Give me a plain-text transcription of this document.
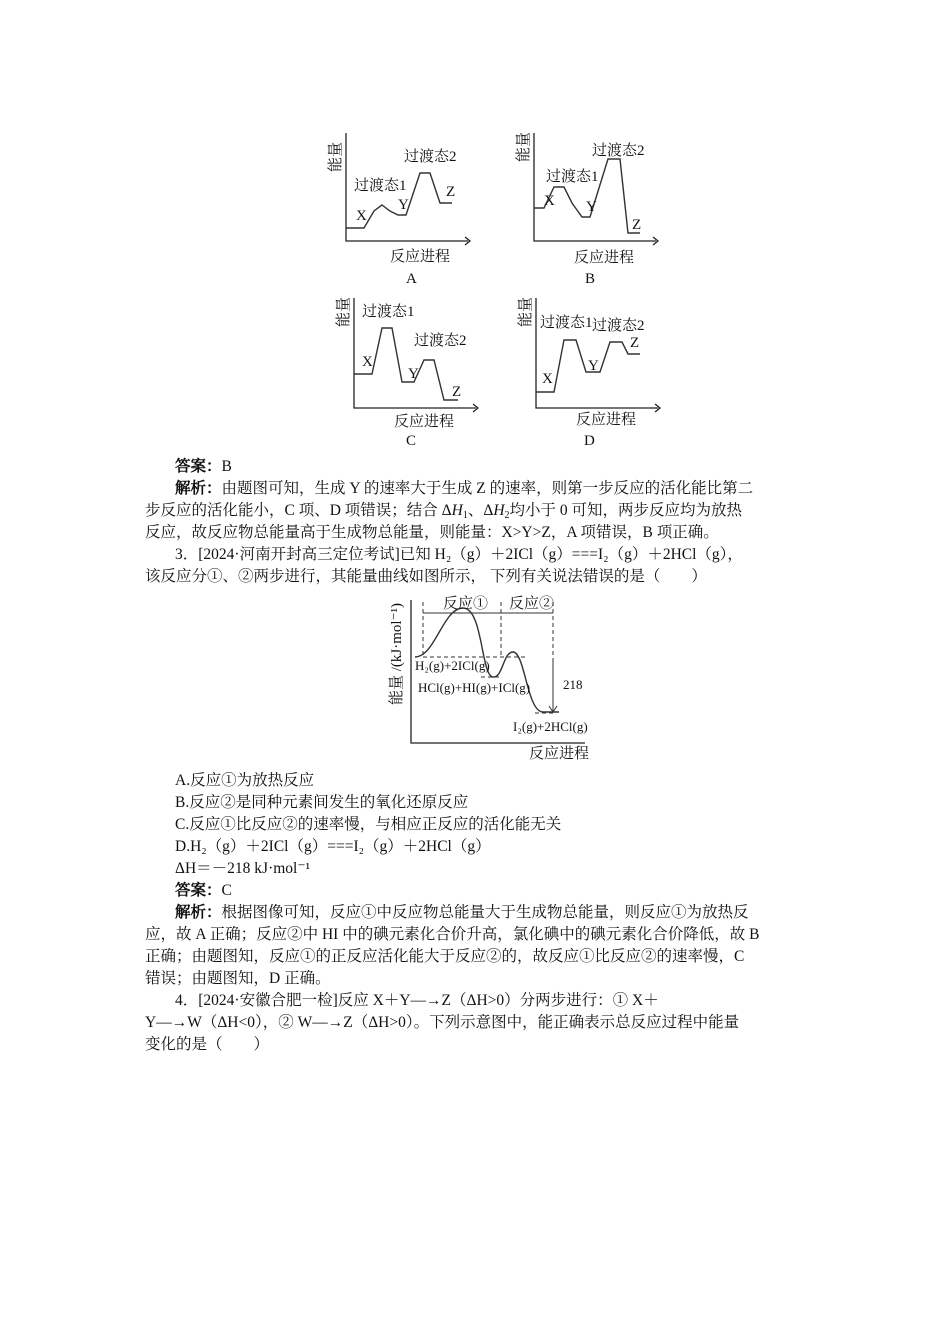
能量
X
过渡态1
Y
过渡态2
Z
反应进程
A
能量
X
过渡态1
Y
过渡态2
Z
反应进程
B
能量
X
过渡态1
Y
过渡态2
Z
反应进程
C
能量
X
过渡态1
Y
过渡态2
Z
反应进程
D
答案：B
解析：由题图可知，生成 Y 的速率大于生成 Z 的速率，则第一步反应的活化能比第二
步反应的活化能小，C 项、D 项错误；结合 $\Delta H_1$、$\Delta H_2$均小于 0 可知，两步反应均为放热
反应，故反应物总能量高于生成物总能量，则能量：X>Y>Z，A 项错误，B 项正确。
3．[2024·河南开封高三定位考试]已知 H₂（g）＋2ICl（g）===I₂（g）＋2HCl（g），
该反应分①、②两步进行，其能量曲线如图所示， 下列有关说法错误的是（　　）
能量 /(kJ·mol⁻¹)	反应① 反应②
H₂(g)+2ICl(g)
HCl(g)+HI(g)+ICl(g)	218
I₂(g)+2HCl(g)
反应进程
A.反应①为放热反应
B.反应②是同种元素间发生的氧化还原反应
C.反应①比反应②的速率慢，与相应正反应的活化能无关
D.H₂（g）＋2ICl（g）===I₂（g）＋2HCl（g）
ΔH＝－218 kJ·mol⁻¹
答案：C
解析：根据图像可知，反应①中反应物总能量大于生成物总能量，则反应①为放热反
应，故 A 正确；反应②中 HI 中的碘元素化合价升高，氯化碘中的碘元素化合价降低，故 B
正确；由题图知，反应①的正反应活化能大于反应②的，故反应①比反应②的速率慢，C
错误；由题图知，D 正确。
4．[2024·安徽合肥一检]反应 X＋Y―→Z（ΔH>0）分两步进行：① X＋
Y―→W（ΔH<0），② W―→Z（ΔH>0）。下列示意图中，能正确表示总反应过程中能量
变化的是（　　）
